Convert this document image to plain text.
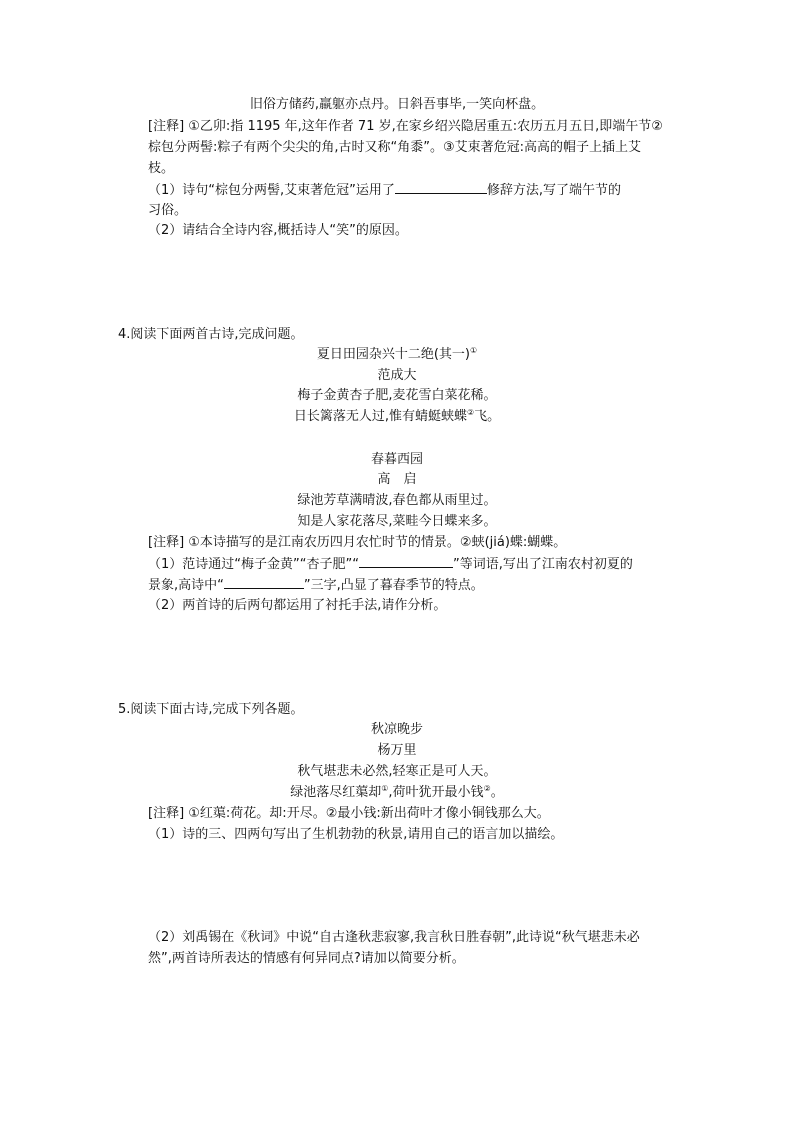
旧俗方储药,羸躯亦点丹。日斜吾事毕,一笑向杯盘。
[注释] ①乙卯:指 1195 年,这年作者 71 岁,在家乡绍兴隐居重五:农历五月五日,即端午节②
棕包分两髻:粽子有两个尖尖的角,古时又称“角黍”。③艾束著危冠:高高的帽子上插上艾
枝。
（1）诗句“棕包分两髻,艾束著危冠”运用了	修辞方法,写了端午节的
习俗。
（2）请结合全诗内容,概括诗人“笑”的原因。
4.阅读下面两首古诗,完成问题。
夏日田园杂兴十二绝(其一)①
范成大
梅子金黄杏子肥,麦花雪白菜花稀。
日长篱落无人过,惟有蜻蜓蛱蝶②飞。
春暮西园
高　启
绿池芳草满晴波,春色都从雨里过。
知是人家花落尽,菜畦今日蝶来多。
[注释] ①本诗描写的是江南农历四月农忙时节的情景。②蛱(jiá)蝶:蝴蝶。
（1）范诗通过“梅子金黄”“杏子肥”“	”等词语,写出了江南农村初夏的
景象,高诗中“	”三字,凸显了暮春季节的特点。
（2）两首诗的后两句都运用了衬托手法,请作分析。
5.阅读下面古诗,完成下列各题。
秋凉晚步
杨万里
秋气堪悲未必然,轻寒正是可人天。
绿池落尽红蕖却①,荷叶犹开最小钱②。
[注释] ①红蕖:荷花。却:开尽。②最小钱:新出荷叶才像小铜钱那么大。
（1）诗的三、四两句写出了生机勃勃的秋景,请用自己的语言加以描绘。
（2）刘禹锡在《秋词》中说“自古逢秋悲寂寥,我言秋日胜春朝”,此诗说“秋气堪悲未必
然”,两首诗所表达的情感有何异同点?请加以简要分析。
